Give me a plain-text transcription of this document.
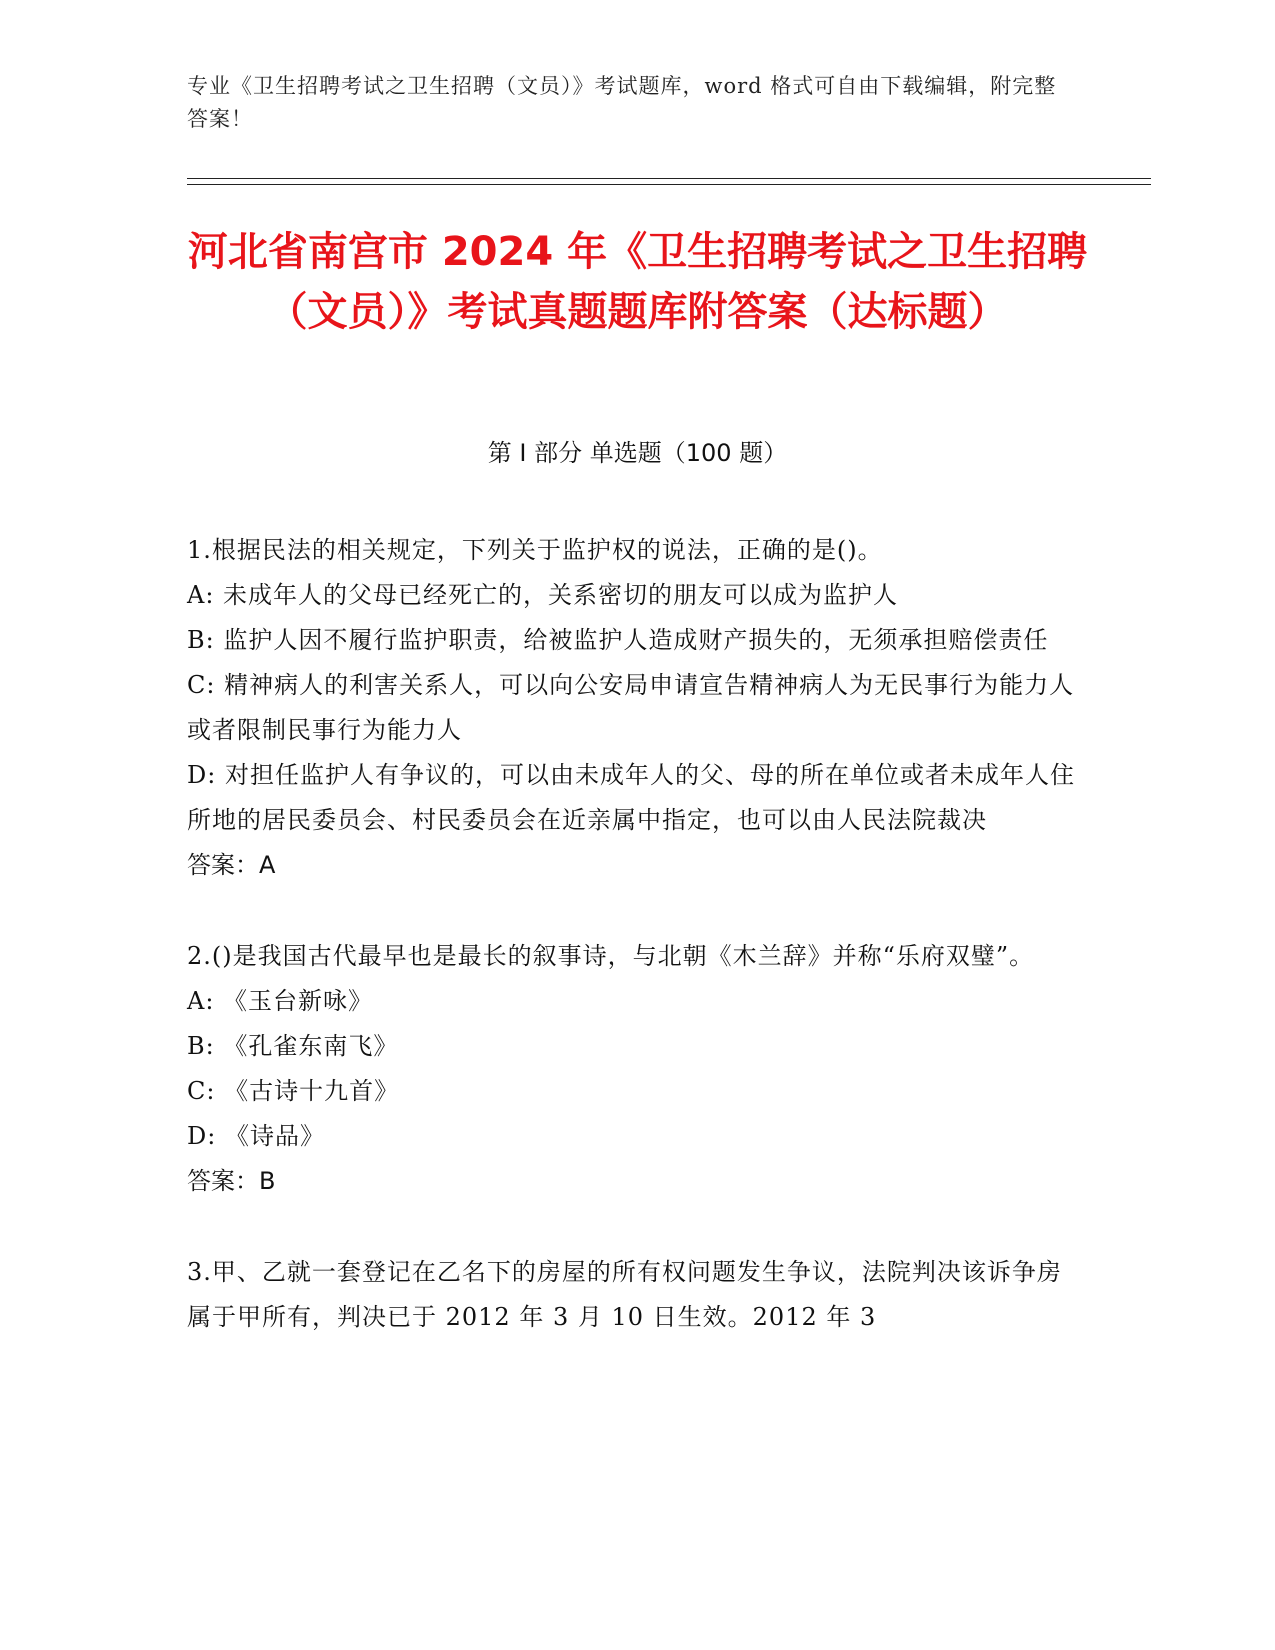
专业《卫生招聘考试之卫生招聘（文员）》考试题库，word 格式可自由下载编辑，附完整答案！
河北省南宫市 2024 年《卫生招聘考试之卫生招聘（文员）》考试真题题库附答案（达标题）
第 I 部分 单选题（100 题）
1.根据民法的相关规定，下列关于监护权的说法，正确的是()。
A: 未成年人的父母已经死亡的，关系密切的朋友可以成为监护人
B: 监护人因不履行监护职责，给被监护人造成财产损失的，无须承担赔偿责任
C: 精神病人的利害关系人，可以向公安局申请宣告精神病人为无民事行为能力人或者限制民事行为能力人
D: 对担任监护人有争议的，可以由未成年人的父、母的所在单位或者未成年人住所地的居民委员会、村民委员会在近亲属中指定，也可以由人民法院裁决
答案：A
2.()是我国古代最早也是最长的叙事诗，与北朝《木兰辞》并称“乐府双璧”。
A: 《玉台新咏》
B: 《孔雀东南飞》
C: 《古诗十九首》
D: 《诗品》
答案：B
3.甲、乙就一套登记在乙名下的房屋的所有权问题发生争议，法院判决该诉争房属于甲所有，判决已于 2012 年 3 月 10 日生效。2012 年 3
